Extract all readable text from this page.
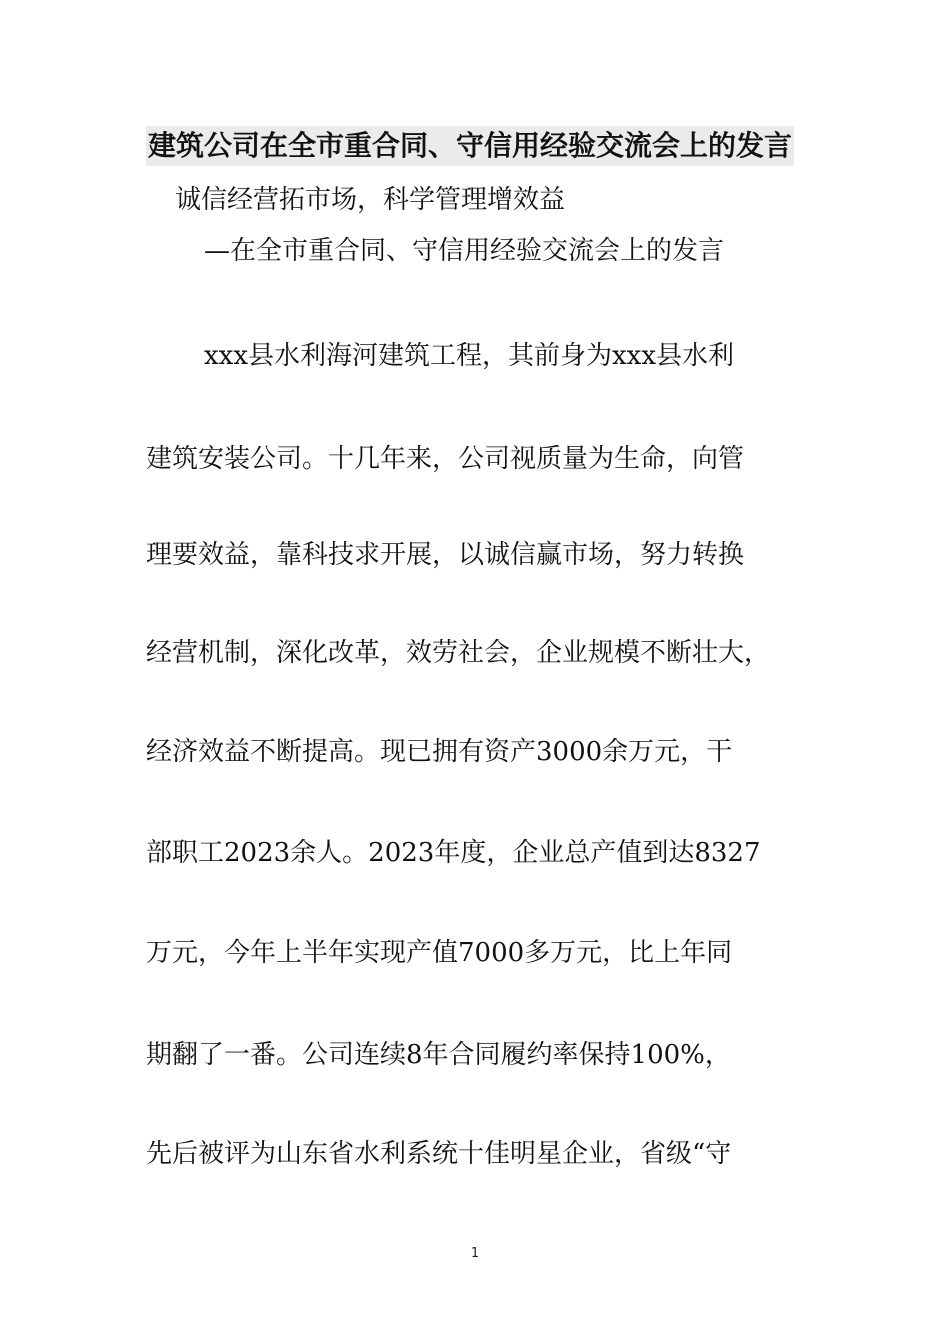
建筑公司在全市重合同、守信用经验交流会上的发言
诚信经营拓市场，科学管理增效益
—在全市重合同、守信用经验交流会上的发言
xxx县水利海河建筑工程，其前身为xxx县水利
建筑安装公司。十几年来，公司视质量为生命，向管
理要效益，靠科技求开展，以诚信赢市场，努力转换
经营机制，深化改革，效劳社会，企业规模不断壮大，
经济效益不断提高。现已拥有资产3000余万元，干
部职工2023余人。2023年度，企业总产值到达8327
万元，今年上半年实现产值7000多万元，比上年同
期翻了一番。公司连续8年合同履约率保持100%，
先后被评为山东省水利系统十佳明星企业，省级“守
1
